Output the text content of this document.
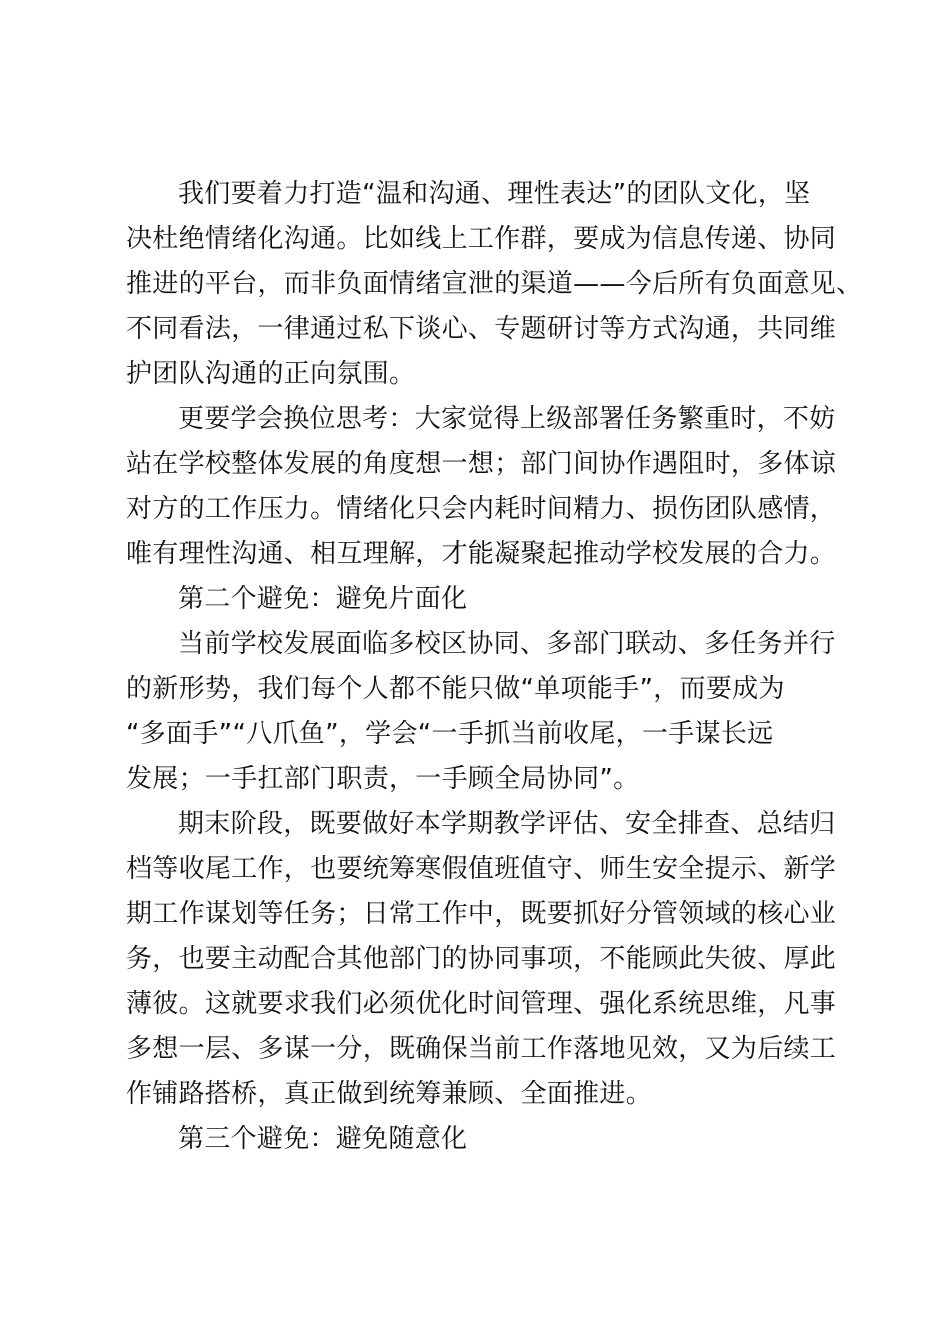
我们要着力打造“温和沟通、理性表达”的团队文化，坚
决杜绝情绪化沟通。比如线上工作群，要成为信息传递、协同
推进的平台，而非负面情绪宣泄的渠道——今后所有负面意见、
不同看法，一律通过私下谈心、专题研讨等方式沟通，共同维
护团队沟通的正向氛围。
更要学会换位思考：大家觉得上级部署任务繁重时，不妨
站在学校整体发展的角度想一想；部门间协作遇阻时，多体谅
对方的工作压力。情绪化只会内耗时间精力、损伤团队感情，
唯有理性沟通、相互理解，才能凝聚起推动学校发展的合力。
第二个避免：避免片面化
当前学校发展面临多校区协同、多部门联动、多任务并行
的新形势，我们每个人都不能只做“单项能手”，而要成为
“多面手”“八爪鱼”，学会“一手抓当前收尾，一手谋长远
发展；一手扛部门职责，一手顾全局协同”。
期末阶段，既要做好本学期教学评估、安全排查、总结归
档等收尾工作，也要统筹寒假值班值守、师生安全提示、新学
期工作谋划等任务；日常工作中，既要抓好分管领域的核心业
务，也要主动配合其他部门的协同事项，不能顾此失彼、厚此
薄彼。这就要求我们必须优化时间管理、强化系统思维，凡事
多想一层、多谋一分，既确保当前工作落地见效，又为后续工
作铺路搭桥，真正做到统筹兼顾、全面推进。
第三个避免：避免随意化
